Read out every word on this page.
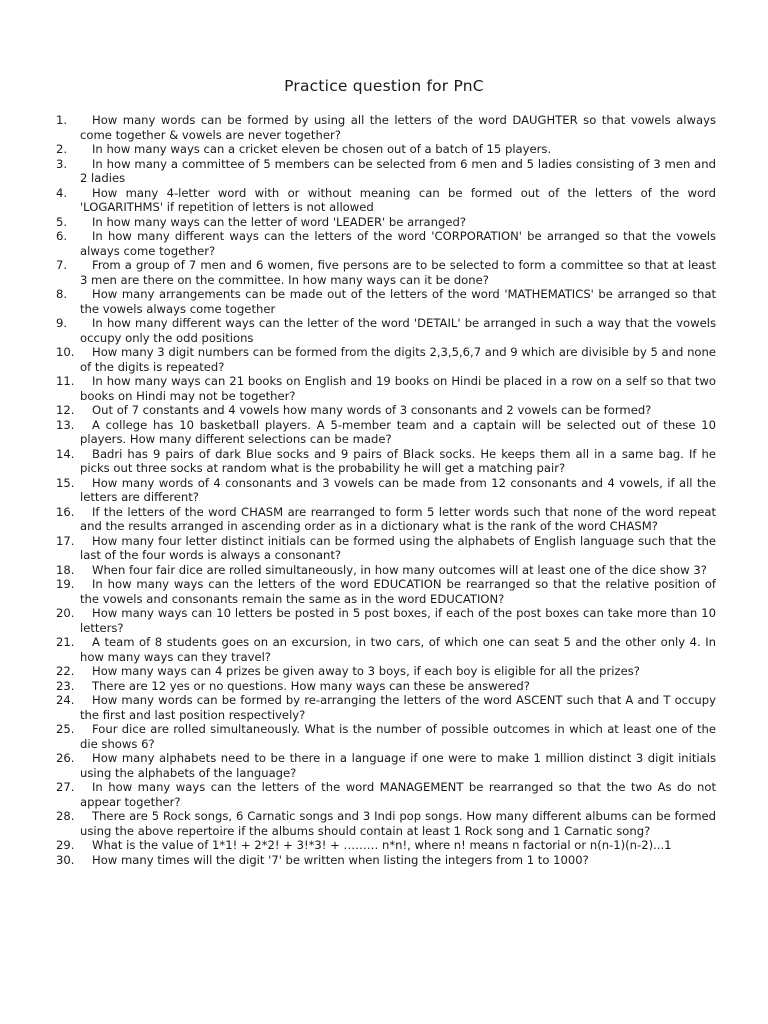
Practice question for PnC
1.	How many words can be formed by using all the letters of the word DAUGHTER so that vowels always come together & vowels are never together?
2.	In how many ways can a cricket eleven be chosen out of a batch of 15 players.
3.	In how many a committee of 5 members can be selected from 6 men and 5 ladies consisting of 3 men and 2 ladies
4.	How many 4-letter word with or without meaning can be formed out of the letters of the word 'LOGARITHMS' if repetition of letters is not allowed
5.	In how many ways can the letter of word 'LEADER' be arranged?
6.	In how many different ways can the letters of the word 'CORPORATION' be arranged so that the vowels always come together?
7.	From a group of 7 men and 6 women, five persons are to be selected to form a committee so that at least 3 men are there on the committee. In how many ways can it be done?
8.	How many arrangements can be made out of the letters of the word 'MATHEMATICS' be arranged so that the vowels always come together
9.	In how many different ways can the letter of the word 'DETAIL' be arranged in such a way that the vowels occupy only the odd positions
10.	How many 3 digit numbers can be formed from the digits 2,3,5,6,7 and 9 which are divisible by 5 and none of the digits is repeated?
11.	In how many ways can 21 books on English and 19 books on Hindi be placed in a row on a self so that two books on Hindi may not be together?
12.	Out of 7 constants and 4 vowels how many words of 3 consonants and 2 vowels can be formed?
13.	A college has 10 basketball players. A 5-member team and a captain will be selected out of these 10 players. How many different selections can be made?
14.	Badri has 9 pairs of dark Blue socks and 9 pairs of Black socks. He keeps them all in a same bag. If he picks out three socks at random what is the probability he will get a matching pair?
15.	How many words of 4 consonants and 3 vowels can be made from 12 consonants and 4 vowels, if all the letters are different?
16.	If the letters of the word CHASM are rearranged to form 5 letter words such that none of the word repeat and the results arranged in ascending order as in a dictionary what is the rank of the word CHASM?
17.	How many four letter distinct initials can be formed using the alphabets of English language such that the last of the four words is always a consonant?
18.	When four fair dice are rolled simultaneously, in how many outcomes will at least one of the dice show 3?
19.	In how many ways can the letters of the word EDUCATION be rearranged so that the relative position of the vowels and consonants remain the same as in the word EDUCATION?
20.	How many ways can 10 letters be posted in 5 post boxes, if each of the post boxes can take more than 10 letters?
21.	A team of 8 students goes on an excursion, in two cars, of which one can seat 5 and the other only 4. In how many ways can they travel?
22.	How many ways can 4 prizes be given away to 3 boys, if each boy is eligible for all the prizes?
23.	There are 12 yes or no questions. How many ways can these be answered?
24.	How many words can be formed by re-arranging the letters of the word ASCENT such that A and T occupy the first and last position respectively?
25.	Four dice are rolled simultaneously. What is the number of possible outcomes in which at least one of the die shows 6?
26.	How many alphabets need to be there in a language if one were to make 1 million distinct 3 digit initials using the alphabets of the language?
27.	In how many ways can the letters of the word MANAGEMENT be rearranged so that the two As do not appear together?
28.	There are 5 Rock songs, 6 Carnatic songs and 3 Indi pop songs. How many different albums can be formed using the above repertoire if the albums should contain at least 1 Rock song and 1 Carnatic song?
29.	What is the value of 1*1! + 2*2! + 3!*3! + ……… n*n!, where n! means n factorial or n(n-1)(n-2)...1
30.	How many times will the digit '7' be written when listing the integers from 1 to 1000?
